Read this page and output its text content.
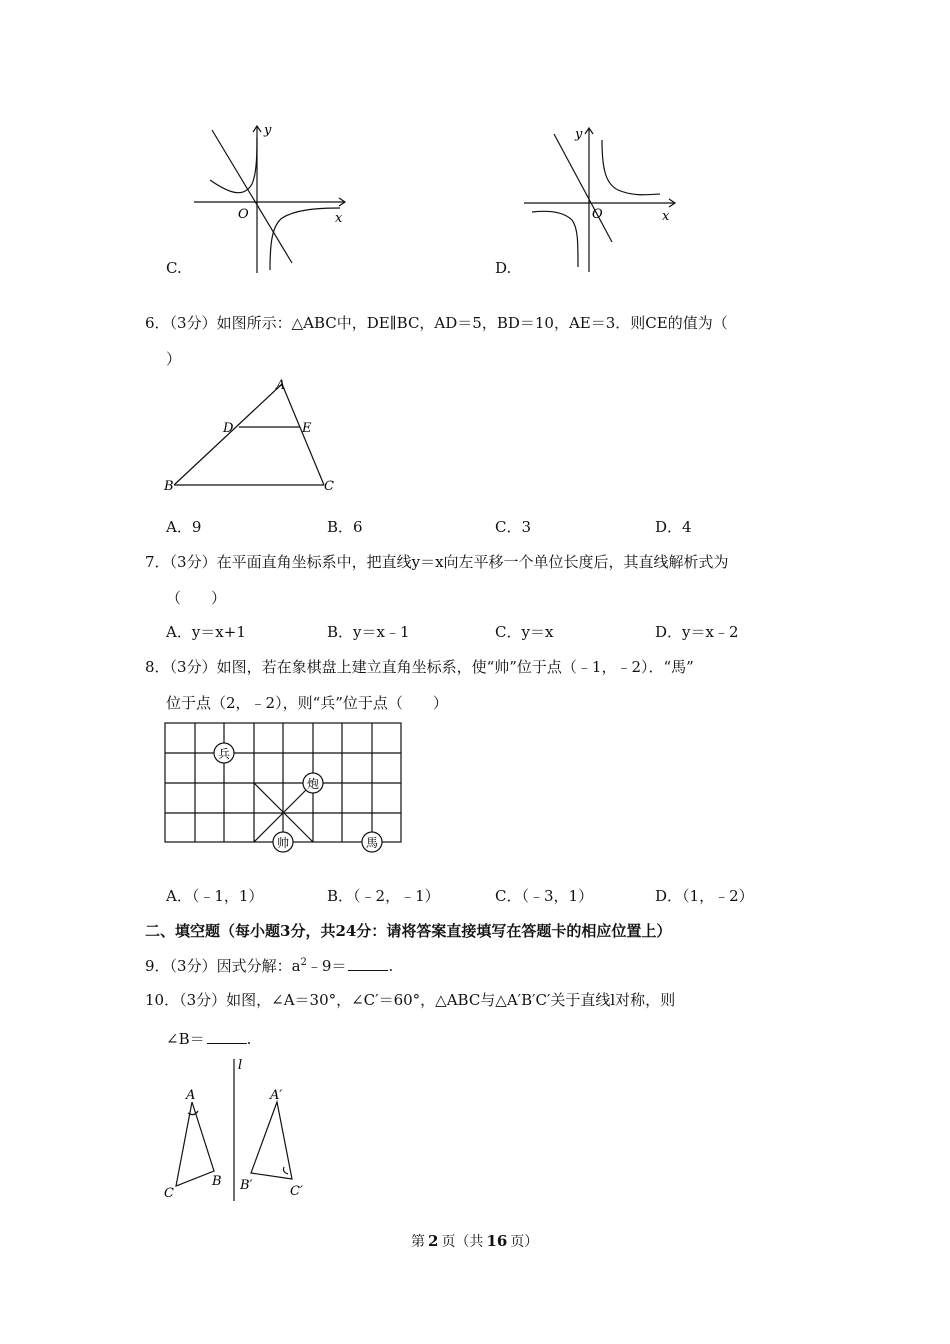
C.
x
y
O
D.
x
y
O
6．（3分）如图所示：△ABC中，DE∥BC，AD＝5，BD＝10，AE＝3．则CE的值为（
）
A
B	C
D	E
A．9	B．6	C．3	D．4
7．（3分）在平面直角坐标系中，把直线y＝x向左平移一个单位长度后，其直线解析式为
（　　）
A．y＝x+1	B．y＝x﹣1	C．y＝x	D．y＝x﹣2
8．（3分）如图，若在象棋盘上建立直角坐标系，使“帅”位于点（﹣1，﹣2）．“馬”
位于点（2，﹣2），则“兵”位于点（　　）
兵
炮
帅	馬
A．（﹣1，1）	B．（﹣2，﹣1）	C．（﹣3，1）	D．（1，﹣2）
二、填空题（每小题3分，共24分：请将答案直接填写在答题卡的相应位置上）
9．（3分）因式分解：$a^2﹣9=$	.
10．（3分）如图，∠A＝30°，∠C′＝60°，△ABC与△A′B′C′关于直线l对称，则
∠B＝	.
l
A
B
C
A′
B′	C′
第 2 页（共 16 页）
